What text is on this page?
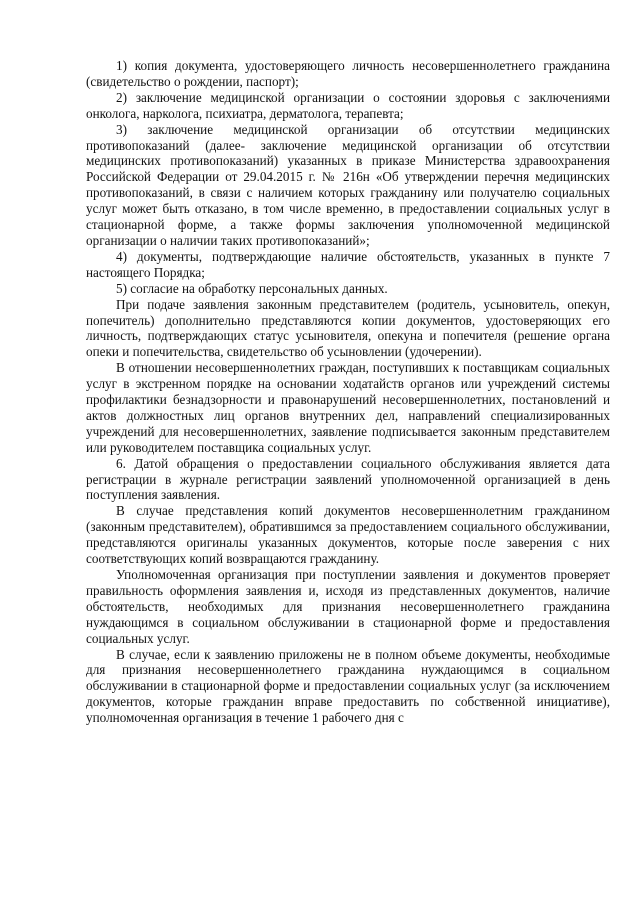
1) копия документа, удостоверяющего личность несовершеннолетнего гражданина (свидетельство о рождении, паспорт);

2) заключение медицинской организации о состоянии здоровья с заключениями онколога, нарколога, психиатра, дерматолога, терапевта;

3) заключение медицинской организации об отсутствии медицинских противопоказаний (далее- заключение медицинской организации об отсутствии медицинских противопоказаний) указанных в приказе Министерства здравоохранения Российской Федерации от 29.04.2015 г. № 216н «Об утверждении перечня медицинских противопоказаний, в связи с наличием которых гражданину или получателю социальных услуг может быть отказано, в том числе временно, в предоставлении социальных услуг в стационарной форме, а также формы заключения уполномоченной медицинской организации о наличии таких противопоказаний»;

4) документы, подтверждающие наличие обстоятельств, указанных в пункте 7 настоящего Порядка;

5) согласие на обработку персональных данных.

При подаче заявления законным представителем (родитель, усыновитель, опекун, попечитель) дополнительно представляются копии документов, удостоверяющих его личность, подтверждающих статус усыновителя, опекуна и попечителя (решение органа опеки и попечительства, свидетельство об усыновлении (удочерении).

В отношении несовершеннолетних граждан, поступивших к поставщикам социальных услуг в экстренном порядке на основании ходатайств органов или учреждений системы профилактики безнадзорности и правонарушений несовершеннолетних, постановлений и актов должностных лиц органов внутренних дел, направлений специализированных учреждений для несовершеннолетних, заявление подписывается законным представителем или руководителем поставщика социальных услуг.

6. Датой обращения о предоставлении социального обслуживания является дата регистрации в журнале регистрации заявлений уполномоченной организацией в день поступления заявления.

В случае представления копий документов несовершеннолетним гражданином (законным представителем), обратившимся за предоставлением социального обслуживании, представляются оригиналы указанных документов, которые после заверения с них соответствующих копий возвращаются гражданину.

Уполномоченная организация при поступлении заявления и документов проверяет правильность оформления заявления и, исходя из представленных документов, наличие обстоятельств, необходимых для признания несовершеннолетнего гражданина нуждающимся в социальном обслуживании в стационарной форме и предоставления социальных услуг.

В случае, если к заявлению приложены не в полном объеме документы, необходимые для признания несовершеннолетнего гражданина нуждающимся в социальном обслуживании в стационарной форме и предоставлении социальных услуг (за исключением документов, которые гражданин вправе предоставить по собственной инициативе), уполномоченная организация в течение 1 рабочего дня с
